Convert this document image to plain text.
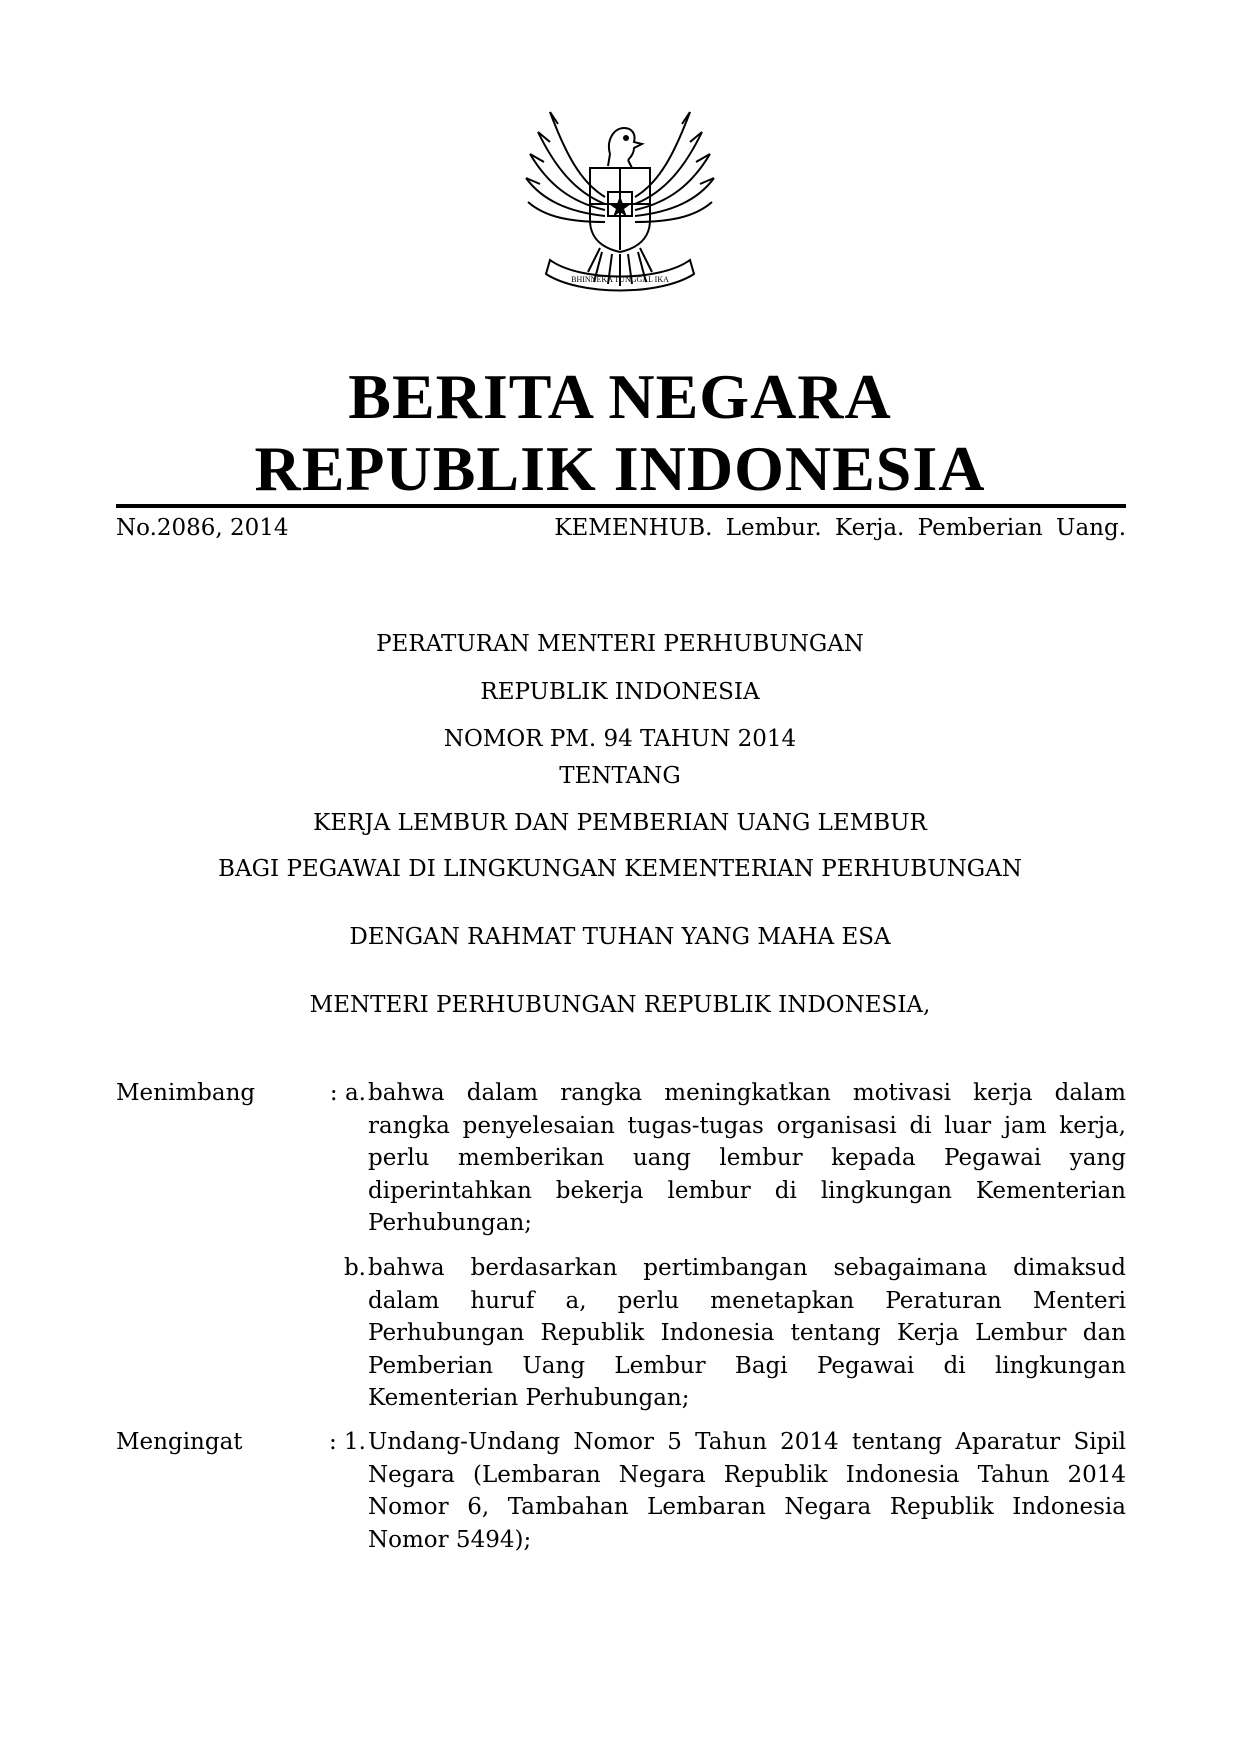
BHINNEKA TUNGGAL IKA
BERITA NEGARA
REPUBLIK INDONESIA
No.2086, 2014	KEMENHUB. Lembur. Kerja. Pemberian Uang.
PERATURAN MENTERI PERHUBUNGAN
REPUBLIK INDONESIA
NOMOR PM. 94 TAHUN 2014
TENTANG
KERJA LEMBUR DAN PEMBERIAN UANG LEMBUR
BAGI PEGAWAI DI LINGKUNGAN KEMENTERIAN PERHUBUNGAN
DENGAN RAHMAT TUHAN YANG MAHA ESA
MENTERI PERHUBUNGAN REPUBLIK INDONESIA,
Menimbang	: a. bahwa dalam rangka meningkatkan motivasi kerja dalam rangka penyelesaian tugas-tugas organisasi di luar jam kerja, perlu memberikan uang lembur kepada Pegawai yang diperintahkan bekerja lembur di lingkungan Kementerian Perhubungan;
b. bahwa berdasarkan pertimbangan sebagaimana dimaksud dalam huruf a, perlu menetapkan Peraturan Menteri Perhubungan Republik Indonesia tentang Kerja Lembur dan Pemberian Uang Lembur Bagi Pegawai di lingkungan Kementerian Perhubungan;
Mengingat	: 1. Undang-Undang Nomor 5 Tahun 2014 tentang Aparatur Sipil Negara (Lembaran Negara Republik Indonesia Tahun 2014 Nomor 6, Tambahan Lembaran Negara Republik Indonesia Nomor 5494);
